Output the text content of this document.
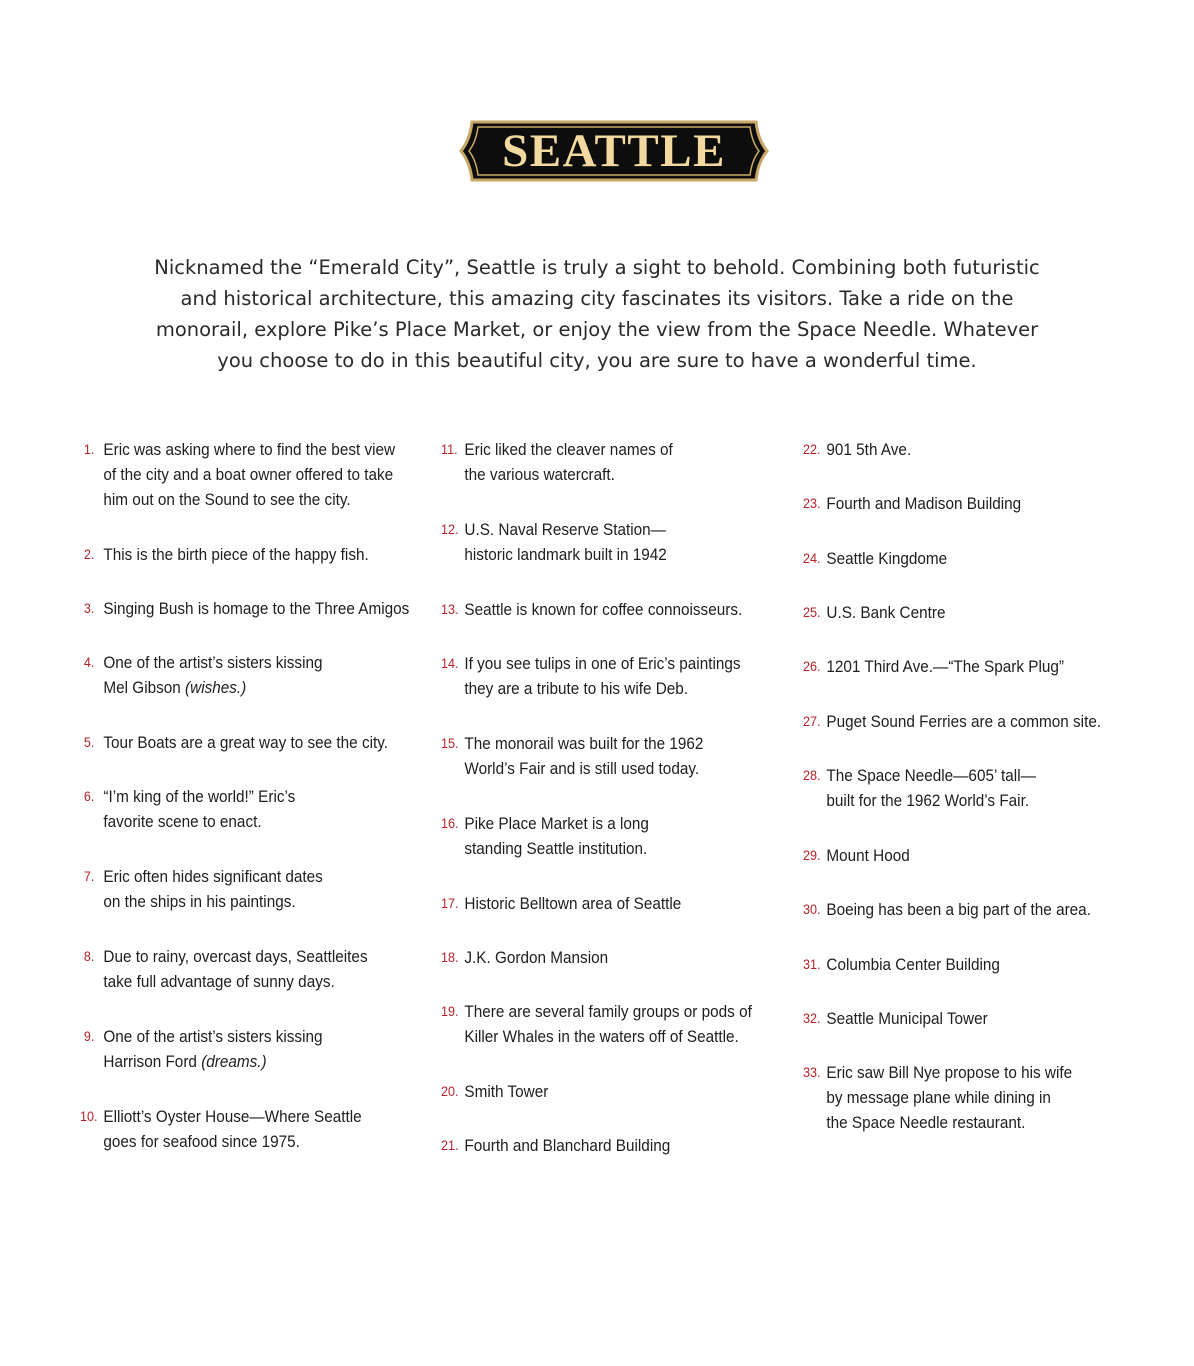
SEATTLE

Nicknamed the “Emerald City”, Seattle is truly a sight to behold. Combining both futuristic and historical architecture, this amazing city fascinates its visitors. Take a ride on the monorail, explore Pike’s Place Market, or enjoy the view from the Space Needle. Whatever you choose to do in this beautiful city, you are sure to have a wonderful time.

1. Eric was asking where to find the best view
of the city and a boat owner offered to take
him out on the Sound to see the city.
2. This is the birth piece of the happy fish.
3. Singing Bush is homage to the Three Amigos
4. One of the artist’s sisters kissing
Mel Gibson (wishes.)
5. Tour Boats are a great way to see the city.
6. “I’m king of the world!” Eric’s
favorite scene to enact.
7. Eric often hides significant dates
on the ships in his paintings.
8. Due to rainy, overcast days, Seattleites
take full advantage of sunny days.
9. One of the artist’s sisters kissing
Harrison Ford (dreams.)
10. Elliott’s Oyster House—Where Seattle
goes for seafood since 1975.
11. Eric liked the cleaver names of
the various watercraft.
12. U.S. Naval Reserve Station—
historic landmark built in 1942
13. Seattle is known for coffee connoisseurs.
14. If you see tulips in one of Eric’s paintings
they are a tribute to his wife Deb.
15. The monorail was built for the 1962
World’s Fair and is still used today.
16. Pike Place Market is a long
standing Seattle institution.
17. Historic Belltown area of Seattle
18. J.K. Gordon Mansion
19. There are several family groups or pods of
Killer Whales in the waters off of Seattle.
20. Smith Tower
21. Fourth and Blanchard Building
22. 901 5th Ave.
23. Fourth and Madison Building
24. Seattle Kingdome
25. U.S. Bank Centre
26. 1201 Third Ave.—“The Spark Plug”
27. Puget Sound Ferries are a common site.
28. The Space Needle—605’ tall—
built for the 1962 World’s Fair.
29. Mount Hood
30. Boeing has been a big part of the area.
31. Columbia Center Building
32. Seattle Municipal Tower
33. Eric saw Bill Nye propose to his wife
by message plane while dining in
the Space Needle restaurant.
